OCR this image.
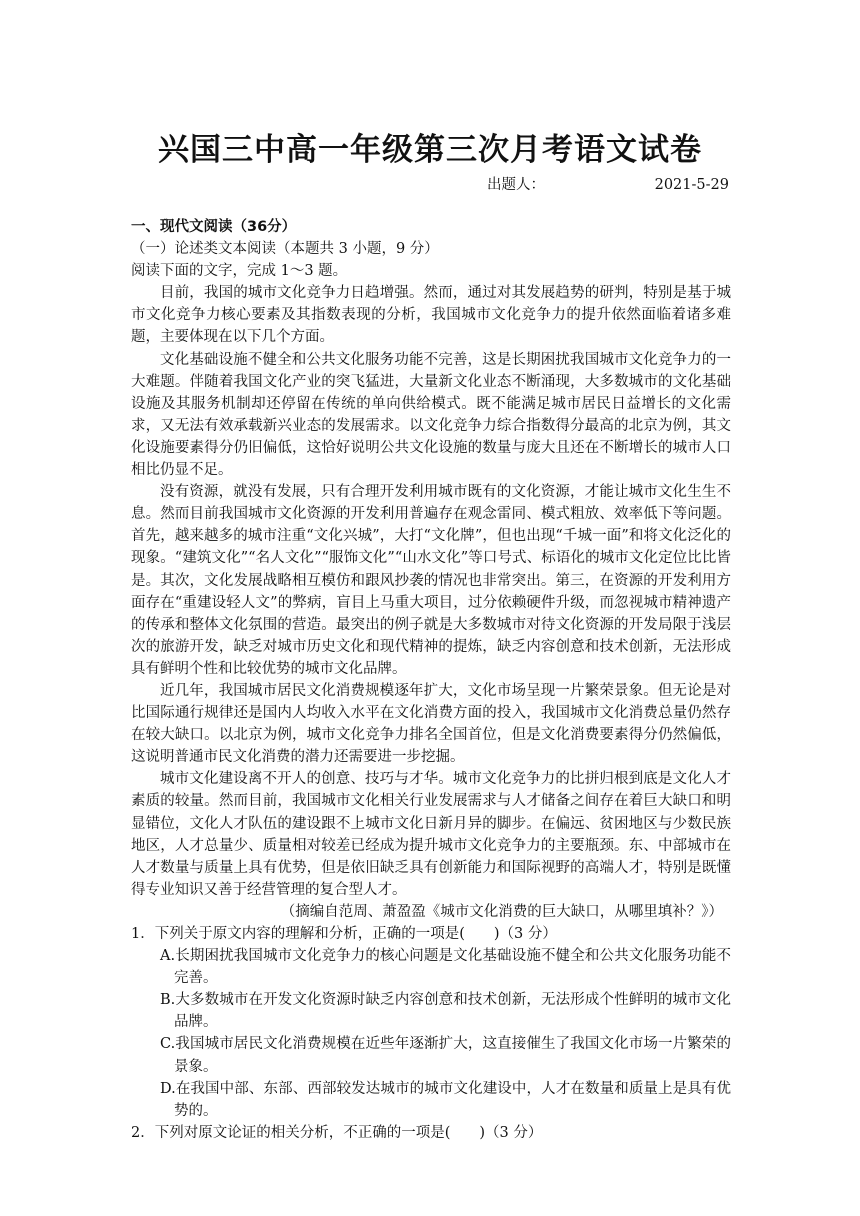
兴国三中高一年级第三次月考语文试卷
出题人：	2021-5-29

一、现代文阅读（36分）

（一）论述类文本阅读（本题共 3 小题，9 分）

阅读下面的文字，完成 1～3 题。

目前，我国的城市文化竞争力日趋增强。然而，通过对其发展趋势的研判，特别是基于城市文化竞争力核心要素及其指数表现的分析，我国城市文化竞争力的提升依然面临着诸多难题，主要体现在以下几个方面。

文化基础设施不健全和公共文化服务功能不完善，这是长期困扰我国城市文化竞争力的一大难题。伴随着我国文化产业的突飞猛进，大量新文化业态不断涌现，大多数城市的文化基础设施及其服务机制却还停留在传统的单向供给模式。既不能满足城市居民日益增长的文化需求，又无法有效承载新兴业态的发展需求。以文化竞争力综合指数得分最高的北京为例，其文化设施要素得分仍旧偏低，这恰好说明公共文化设施的数量与庞大且还在不断增长的城市人口相比仍显不足。

没有资源，就没有发展，只有合理开发利用城市既有的文化资源，才能让城市文化生生不息。然而目前我国城市文化资源的开发利用普遍存在观念雷同、模式粗放、效率低下等问题。首先，越来越多的城市注重“文化兴城”，大打“文化牌”，但也出现“千城一面”和将文化泛化的现象。“建筑文化”“名人文化”“服饰文化”“山水文化”等口号式、标语化的城市文化定位比比皆是。其次，文化发展战略相互模仿和跟风抄袭的情况也非常突出。第三，在资源的开发利用方面存在“重建设轻人文”的弊病，盲目上马重大项目，过分依赖硬件升级，而忽视城市精神遗产的传承和整体文化氛围的营造。最突出的例子就是大多数城市对待文化资源的开发局限于浅层次的旅游开发，缺乏对城市历史文化和现代精神的提炼，缺乏内容创意和技术创新，无法形成具有鲜明个性和比较优势的城市文化品牌。

近几年，我国城市居民文化消费规模逐年扩大，文化市场呈现一片繁荣景象。但无论是对比国际通行规律还是国内人均收入水平在文化消费方面的投入，我国城市文化消费总量仍然存在较大缺口。以北京为例，城市文化竞争力排名全国首位，但是文化消费要素得分仍然偏低，这说明普通市民文化消费的潜力还需要进一步挖掘。

城市文化建设离不开人的创意、技巧与才华。城市文化竞争力的比拼归根到底是文化人才素质的较量。然而目前，我国城市文化相关行业发展需求与人才储备之间存在着巨大缺口和明显错位，文化人才队伍的建设跟不上城市文化日新月异的脚步。在偏远、贫困地区与少数民族地区，人才总量少、质量相对较差已经成为提升城市文化竞争力的主要瓶颈。东、中部城市在人才数量与质量上具有优势，但是依旧缺乏具有创新能力和国际视野的高端人才，特别是既懂得专业知识又善于经营管理的复合型人才。

（摘编自范周、萧盈盈《城市文化消费的巨大缺口，从哪里填补？》）

1．下列关于原文内容的理解和分析，正确的一项是(　　)（3 分）

A.长期困扰我国城市文化竞争力的核心问题是文化基础设施不健全和公共文化服务功能不完善。

B.大多数城市在开发文化资源时缺乏内容创意和技术创新，无法形成个性鲜明的城市文化品牌。

C.我国城市居民文化消费规模在近些年逐渐扩大，这直接催生了我国文化市场一片繁荣的景象。

D.在我国中部、东部、西部较发达城市的城市文化建设中，人才在数量和质量上是具有优势的。

2．下列对原文论证的相关分析，不正确的一项是(　　)（3 分）
